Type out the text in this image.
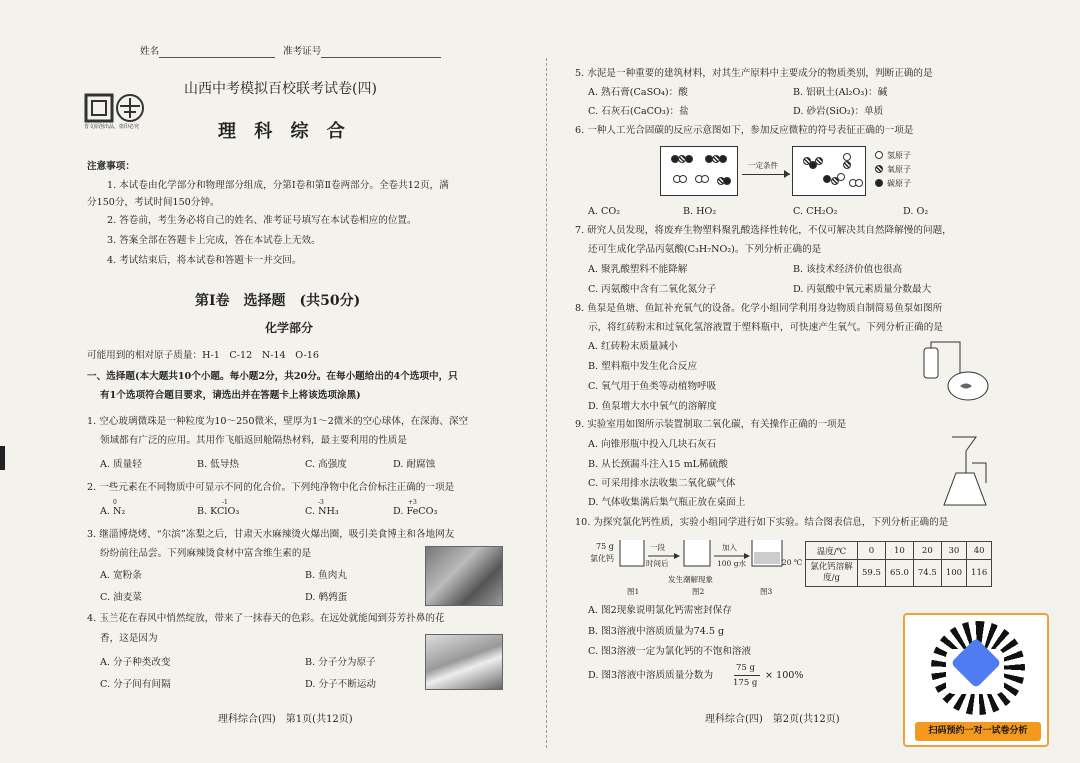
姓名	准考证号
晋文原创出品，盗印必究
山西中考模拟百校联考试卷(四)
理 科 综 合
注意事项：
1. 本试卷由化学部分和物理部分组成，分第Ⅰ卷和第Ⅱ卷两部分。全卷共12页，满
分150分，考试时间150分钟。
2. 答卷前，考生务必将自己的姓名、准考证号填写在本试卷相应的位置。
3. 答案全部在答题卡上完成，答在本试卷上无效。
4. 考试结束后，将本试卷和答题卡一并交回。
第Ⅰ卷　选择题　(共50分)
化学部分
可能用到的相对原子质量：H-1　C-12　N-14　O-16
一、选择题(本大题共10个小题。每小题2分，共20分。在每小题给出的4个选项中，只
有1个选项符合题目要求，请选出并在答题卡上将该选项涂黑)
1. 空心玻璃微珠是一种粒度为10～250微米，壁厚为1～2微米的空心球体，在深海、深空
领域都有广泛的应用。其用作飞船返回舱隔热材料，最主要利用的性质是
A. 质量轻	B. 低导热	C. 高强度	D. 耐腐蚀
2. 一些元素在不同物质中可显示不同的化合价。下列纯净物中化合价标注正确的一项是
0	-1	-3	+3
A. N₂	B. KClO₃	C. NH₃	D. FeCO₃
3. 继淄博烧烤、“尔滨”冻梨之后，甘肃天水麻辣烫火爆出圈，吸引美食博主和各地网友
纷纷前往品尝。下列麻辣烫食材中富含维生素的是
A. 宽粉条	B. 鱼肉丸
C. 油麦菜	D. 鹌鹑蛋
4. 玉兰花在春风中悄然绽放，带来了一抹春天的色彩。在远处就能闻到芬芳扑鼻的花
香，这是因为
A. 分子种类改变	B. 分子分为原子
C. 分子间有间隔	D. 分子不断运动
理科综合(四)　第1页(共12页)
5. 水泥是一种重要的建筑材料，对其生产原料中主要成分的物质类别，判断正确的是
A. 熟石膏(CaSO₄)：酸	B. 铝矾土(Al₂O₃)：碱
C. 石灰石(CaCO₃)：盐	D. 砂岩(SiO₂)：单质
6. 一种人工光合固碳的反应示意图如下，参加反应微粒的符号表征正确的一项是
一定条件
氢原子
氧原子
碳原子
A. CO₂	B. HO₂	C. CH₂O₂	D. O₂
7. 研究人员发现，将废弃生物塑料聚乳酸选择性转化，不仅可解决其自然降解慢的问题，
还可生成化学品丙氨酸(C₃H₇NO₂)。下列分析正确的是
A. 聚乳酸塑料不能降解	B. 该技术经济价值也很高
C. 丙氨酸中含有二氧化氮分子	D. 丙氨酸中氧元素质量分数最大
8. 鱼泵是鱼塘、鱼缸补充氧气的设备。化学小组同学利用身边物质自制简易鱼泵如图所
示，将红砖粉末和过氧化氢溶液置于塑料瓶中，可快速产生氧气。下列分析正确的是
A. 红砖粉末质量减小
B. 塑料瓶中发生化合反应
C. 氧气用于鱼类等动植物呼吸
D. 鱼泵增大水中氧气的溶解度
9. 实验室用如图所示装置制取二氧化碳，有关操作正确的一项是
A. 向锥形瓶中投入几块石灰石
B. 从长颈漏斗注入15 mL稀硫酸
C. 可采用排水法收集二氧化碳气体
D. 气体收集满后集气瓶正放在桌面上
10. 为探究氯化钙性质，实验小组同学进行如下实验。结合图表信息，下列分析正确的是
75 g
氯化钙
一段
时间后
加入
100 g水	20 ℃
发生潮解现象
图1	图2	图3
温度/℃	0	10	20	30	40
氯化钙溶解度/g	59.5	65.0	74.5	100	116
A. 图2现象说明氯化钙需密封保存
B. 图3溶液中溶质质量为74.5 g
C. 图3溶液一定为氯化钙的不饱和溶液
D. 图3溶液中溶质质量分数为
75 g
175 g
× 100%
理科综合(四)　第2页(共12页)
扫码预约一对一试卷分析
